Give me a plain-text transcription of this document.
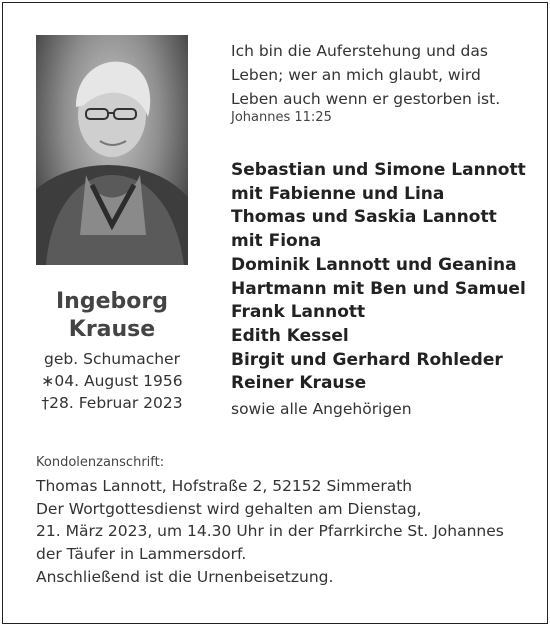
Ingeborg
Krause
geb. Schumacher
∗04. August 1956
†28. Februar 2023
Ich bin die Auferstehung und das Leben; wer an mich glaubt, wird Leben auch wenn er gestorben ist.
Johannes 11:25
Sebastian und Simone Lannott
mit Fabienne und Lina
Thomas und Saskia Lannott
mit Fiona
Dominik Lannott und Geanina
Hartmann mit Ben und Samuel
Frank Lannott
Edith Kessel
Birgit und Gerhard Rohleder
Reiner Krause
sowie alle Angehörigen
Kondolenzanschrift:
Thomas Lannott, Hofstraße 2, 52152 Simmerath
Der Wortgottesdienst wird gehalten am Dienstag,
21. März 2023, um 14.30 Uhr in der Pfarrkirche St. Johannes
der Täufer in Lammersdorf.
Anschließend ist die Urnenbeisetzung.
